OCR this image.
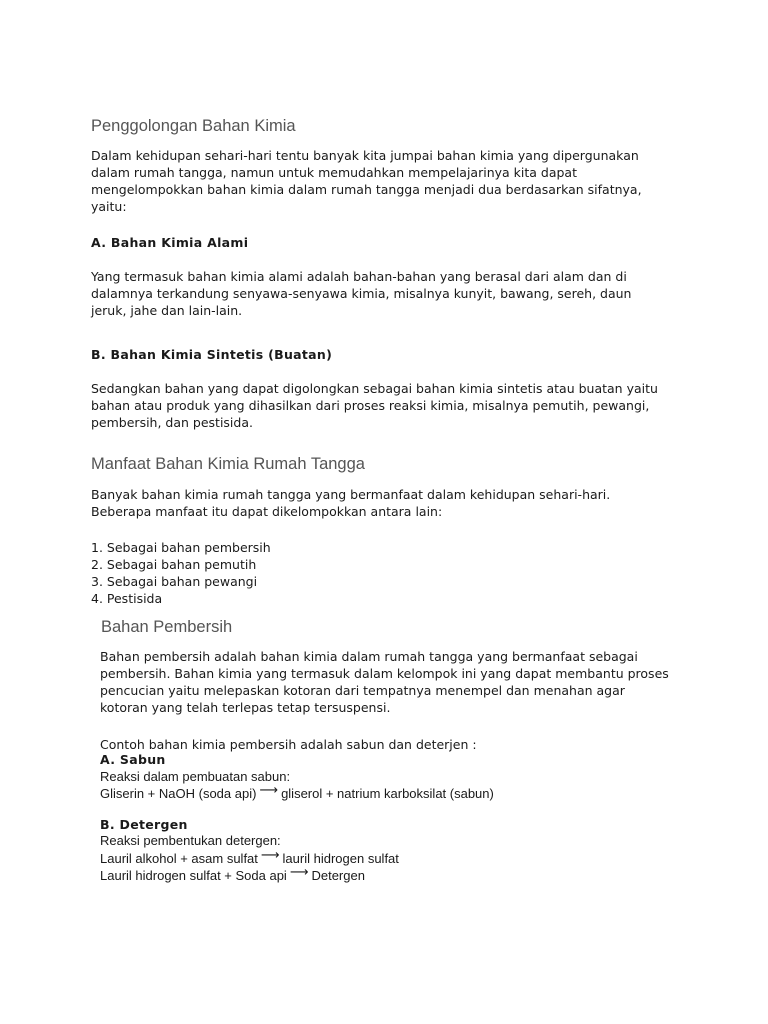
Penggolongan Bahan Kimia
Dalam kehidupan sehari-hari tentu banyak kita jumpai bahan kimia yang dipergunakan
dalam rumah tangga, namun untuk memudahkan mempelajarinya kita dapat
mengelompokkan bahan kimia dalam rumah tangga menjadi dua berdasarkan sifatnya,
yaitu:
A. Bahan Kimia Alami
Yang termasuk bahan kimia alami adalah bahan-bahan yang berasal dari alam dan di
dalamnya terkandung senyawa-senyawa kimia, misalnya kunyit, bawang, sereh, daun
jeruk, jahe dan lain-lain.
B. Bahan Kimia Sintetis (Buatan)
Sedangkan bahan yang dapat digolongkan sebagai bahan kimia sintetis atau buatan yaitu
bahan atau produk yang dihasilkan dari proses reaksi kimia, misalnya pemutih, pewangi,
pembersih, dan pestisida.
Manfaat Bahan Kimia Rumah Tangga
Banyak bahan kimia rumah tangga yang bermanfaat dalam kehidupan sehari-hari.
Beberapa manfaat itu dapat dikelompokkan antara lain:
1. Sebagai bahan pembersih
2. Sebagai bahan pemutih
3. Sebagai bahan pewangi
4. Pestisida
Bahan Pembersih
Bahan pembersih adalah bahan kimia dalam rumah tangga yang bermanfaat sebagai
pembersih. Bahan kimia yang termasuk dalam kelompok ini yang dapat membantu proses
pencucian yaitu melepaskan kotoran dari tempatnya menempel dan menahan agar
kotoran yang telah terlepas tetap tersuspensi.
Contoh bahan kimia pembersih adalah sabun dan deterjen :
A. Sabun
Reaksi dalam pembuatan sabun:
Gliserin + NaOH (soda api) ⟶ gliserol + natrium karboksilat (sabun)
B. Detergen
Reaksi pembentukan detergen:
Lauril alkohol + asam sulfat ⟶ lauril hidrogen sulfat
Lauril hidrogen sulfat + Soda api ⟶ Detergen
